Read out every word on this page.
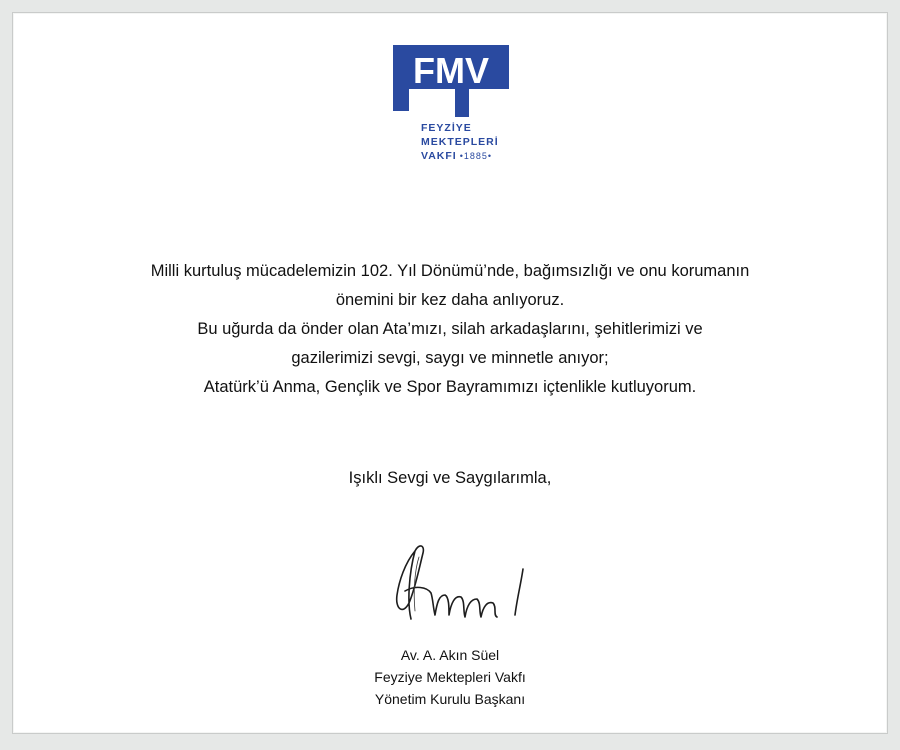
FMV
FEYZİYE
MEKTEPLERİ
VAKFI •1885•
Milli kurtuluş mücadelemizin 102. Yıl Dönümü’nde, bağımsızlığı ve onu korumanın
önemini bir kez daha anlıyoruz.
Bu uğurda da önder olan Ata’mızı, silah arkadaşlarını, şehitlerimizi ve
gazilerimizi sevgi, saygı ve minnetle anıyor;
Atatürk’ü Anma, Gençlik ve Spor Bayramımızı içtenlikle kutluyorum.
Işıklı Sevgi ve Saygılarımla,
Av. A. Akın Süel
Feyziye Mektepleri Vakfı
Yönetim Kurulu Başkanı
